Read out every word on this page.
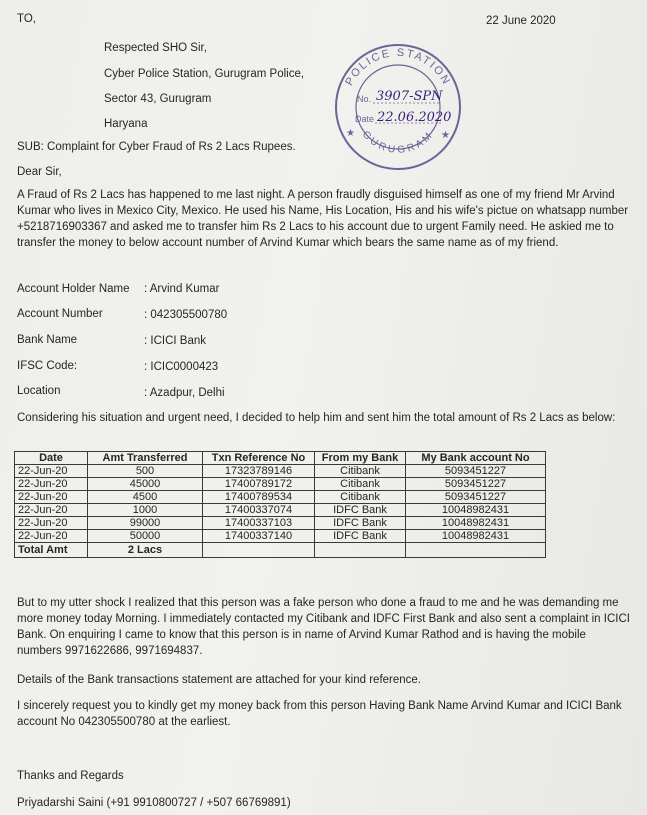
TO,	22 June 2020
Respected SHO Sir,
Cyber Police Station, Gurugram Police,
Sector 43, Gurugram
Haryana
SUB: Complaint for Cyber Fraud of Rs 2 Lacs Rupees.
Dear Sir,
A Fraud of Rs 2 Lacs has happened to me last night. A person fraudly disguised himself as one of my friend Mr Arvind Kumar who lives in Mexico City, Mexico. He used his Name, His Location, His and his wife's pictue on whatsapp number +5218716903367 and asked me to transfer him Rs 2 Lacs to his account due to urgent Family need. He askied me to transfer the money to below account number of Arvind Kumar which bears the same name as of my friend.
Account Holder Name : Arvind Kumar
Account Number	: 042305500780
Bank Name	: ICICI Bank
IFSC Code:	: ICIC0000423
Location	: Azadpur, Delhi
Considering his situation and urgent need, I decided to help him and sent him the total amount of Rs 2 Lacs as below:
Date	Amt Transferred	Txn Reference No	From my Bank	My Bank account No
22-Jun-20	500	17323789146	Citibank	5093451227
22-Jun-20	45000	17400789172	Citibank	5093451227
22-Jun-20	4500	17400789534	Citibank	5093451227
22-Jun-20	1000	17400337074	IDFC Bank	10048982431
22-Jun-20	99000	17400337103	IDFC Bank	10048982431
22-Jun-20	50000	17400337140	IDFC Bank	10048982431
Total Amt	2 Lacs			
But to my utter shock I realized that this person was a fake person who done a fraud to me and he was demanding me more money today Morning. I immediately contacted my Citibank and IDFC First Bank and also sent a complaint in ICICI Bank. On enquiring I came to know that this person is in name of Arvind Kumar Rathod and is having the mobile numbers 9971622686, 9971694837.
Details of the Bank transactions statement are attached for your kind reference.
I sincerely request you to kindly get my money back from this person Having Bank Name Arvind Kumar and ICICI Bank account No 042305500780 at the earliest.
Thanks and Regards
Priyadarshi Saini (+91 9910800727 / +507 66769891)
POLICE STATION
GURUGRAM
★	★
No. 3907-SPN
Date 22.06.2020
